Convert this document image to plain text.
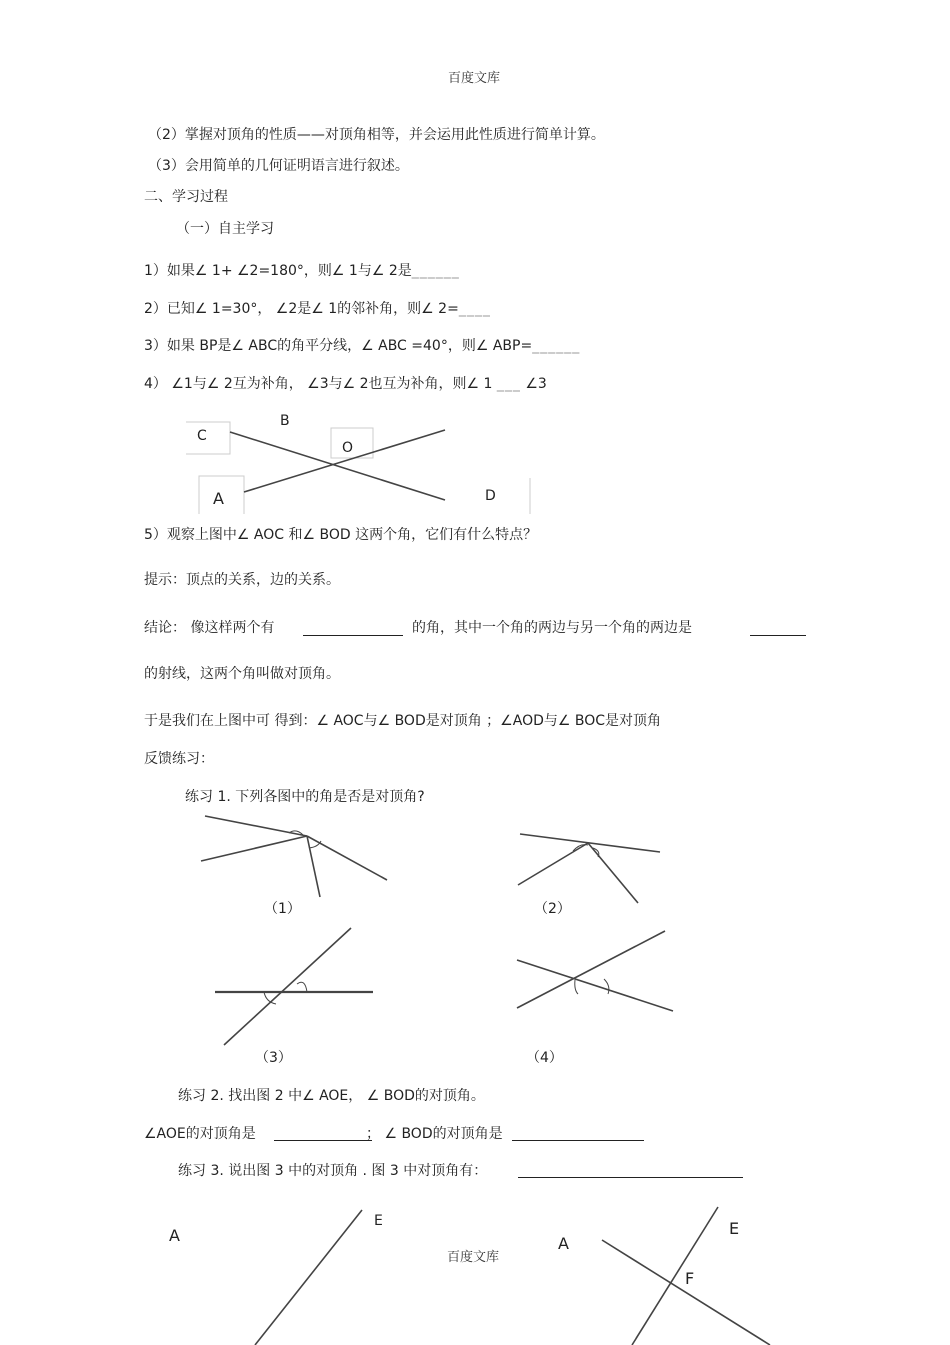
百度文库
（2）掌握对顶角的性质——对顶角相等，并会运用此性质进行简单计算。
（3）会用简单的几何证明语言进行叙述。
二、学习过程
（一）自主学习
1）如果∠ 1+ ∠2=180°，则∠ 1与∠ 2是______
2）已知∠ 1=30°， ∠2是∠ 1的邻补角，则∠ 2=____
3）如果 BP是∠ ABC的角平分线，∠ ABC =40°，则∠ ABP=______
4） ∠1与∠ 2互为补角， ∠3与∠ 2也互为补角，则∠ 1 ___ ∠3
C
B
O
A	D
5）观察上图中∠ AOC 和∠ BOD 这两个角，它们有什么特点？
提示：顶点的关系，边的关系。
结论： 像这样两个有	的角，其中一个角的两边与另一个角的两边是
的射线，这两个角叫做对顶角。
于是我们在上图中可 得到：∠ AOC与∠ BOD是对顶角 ；∠AOD与∠ BOC是对顶角
反馈练习：
练习 1. 下列各图中的角是否是对顶角?
（1）	（2）
（3）	（4）
练习 2. 找出图 2 中∠ AOE， ∠ BOD的对顶角。
∠AOE的对顶角是	； ∠ BOD的对顶角是
练习 3. 说出图 3 中的对顶角 . 图 3 中对顶角有：
A
E
A
E
F
百度文库
